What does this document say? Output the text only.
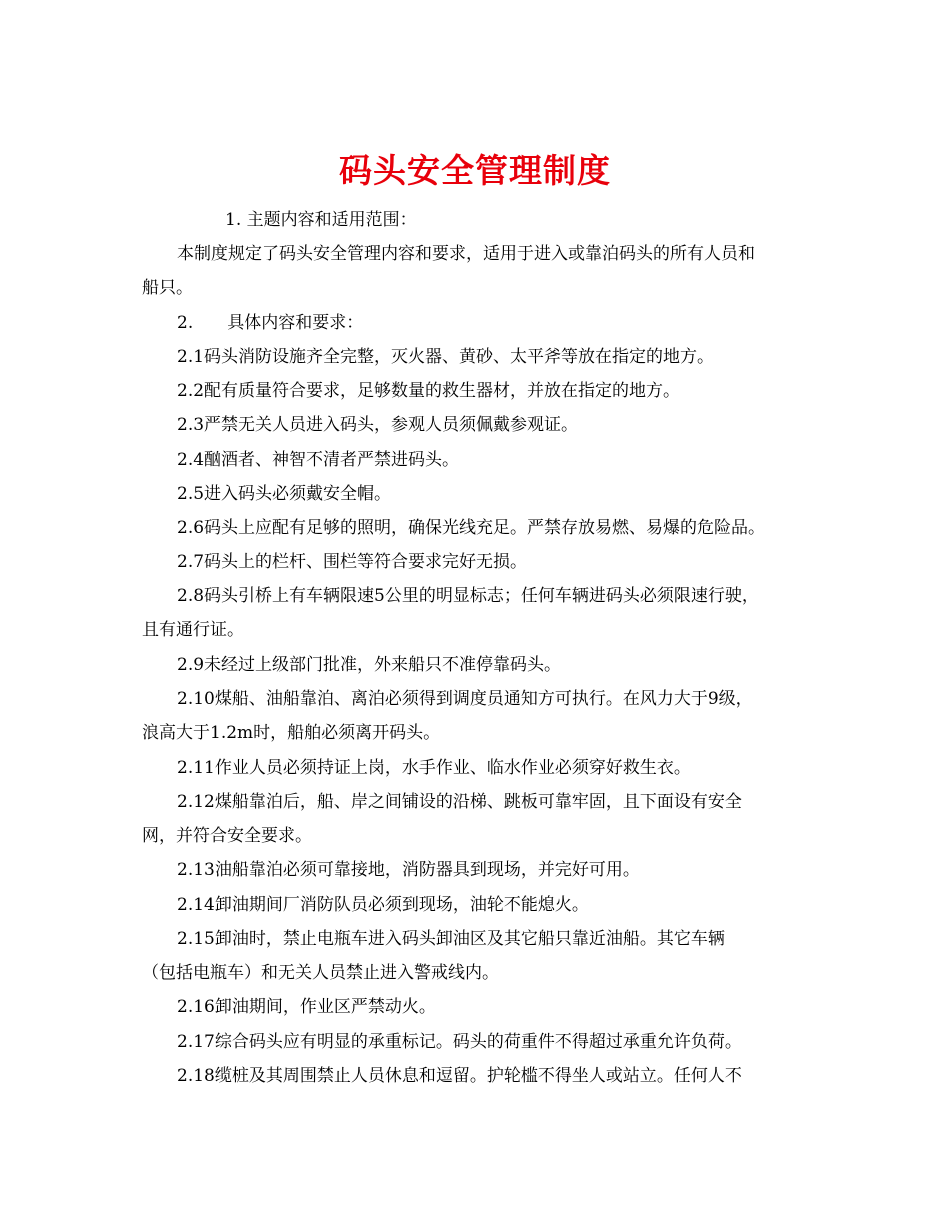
码头安全管理制度

1. 主题内容和适用范围：

本制度规定了码头安全管理内容和要求，适用于进入或靠泊码头的所有人员和

船只。

2.　　具体内容和要求：

2.1码头消防设施齐全完整，灭火器、黄砂、太平斧等放在指定的地方。

2.2配有质量符合要求，足够数量的救生器材，并放在指定的地方。

2.3严禁无关人员进入码头，参观人员须佩戴参观证。

2.4酗酒者、神智不清者严禁进码头。

2.5进入码头必须戴安全帽。

2.6码头上应配有足够的照明，确保光线充足。严禁存放易燃、易爆的危险品。

2.7码头上的栏杆、围栏等符合要求完好无损。

2.8码头引桥上有车辆限速5公里的明显标志；任何车辆进码头必须限速行驶，

且有通行证。

2.9未经过上级部门批准，外来船只不准停靠码头。

2.10煤船、油船靠泊、离泊必须得到调度员通知方可执行。在风力大于9级，

浪高大于1.2m时，船舶必须离开码头。

2.11作业人员必须持证上岗，水手作业、临水作业必须穿好救生衣。

2.12煤船靠泊后，船、岸之间铺设的沿梯、跳板可靠牢固，且下面设有安全

网，并符合安全要求。

2.13油船靠泊必须可靠接地，消防器具到现场，并完好可用。

2.14卸油期间厂消防队员必须到现场，油轮不能熄火。

2.15卸油时，禁止电瓶车进入码头卸油区及其它船只靠近油船。其它车辆

（包括电瓶车）和无关人员禁止进入警戒线内。

2.16卸油期间，作业区严禁动火。

2.17综合码头应有明显的承重标记。码头的荷重件不得超过承重允许负荷。

2.18缆桩及其周围禁止人员休息和逗留。护轮槛不得坐人或站立。任何人不
